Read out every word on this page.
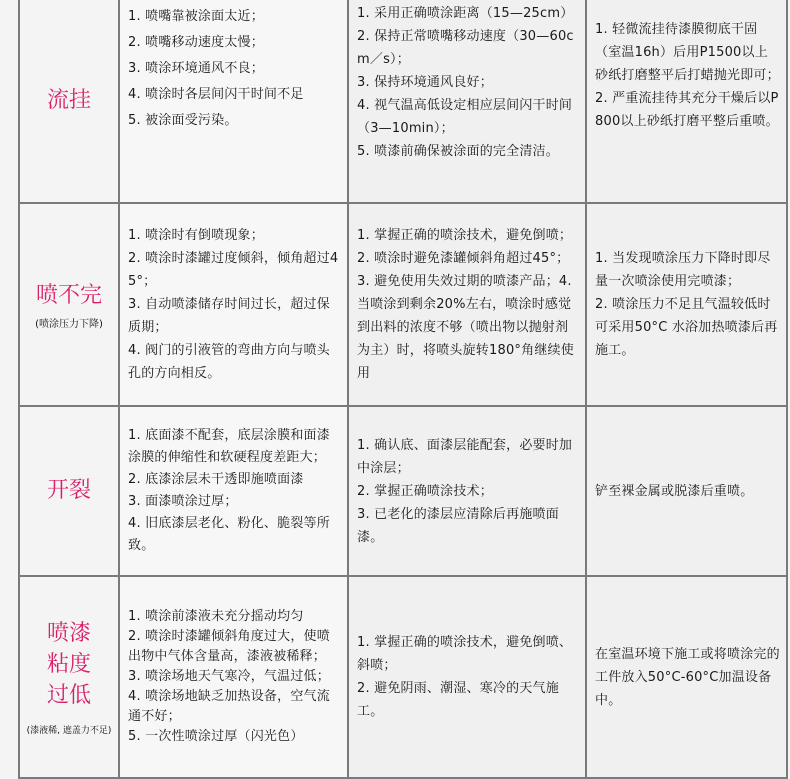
流挂
1. 喷嘴靠被涂面太近；
2. 喷嘴移动速度太慢；
3. 喷涂环境通风不良；
4. 喷涂时各层间闪干时间不足
5. 被涂面受污染。
1. 采用正确喷涂距离（15—25cm）2. 保持正常喷嘴移动速度（30—60cm／s）；
3. 保持环境通风良好；
4. 视气温高低设定相应层间闪干时间（3—10min）；
5. 喷漆前确保被涂面的完全清洁。
1. 轻微流挂待漆膜彻底干固（室温16h）后用P1500以上砂纸打磨整平后打蜡抛光即可；
2. 严重流挂待其充分干燥后以P800以上砂纸打磨平整后重喷。
喷不完
(喷涂压力下降)
1. 喷涂时有倒喷现象；
2. 喷涂时漆罐过度倾斜，倾角超过45°；
3. 自动喷漆储存时间过长，超过保质期；
4. 阀门的引液管的弯曲方向与喷头孔的方向相反。
1. 掌握正确的喷涂技术，避免倒喷；2. 喷涂时避免漆罐倾斜角超过45°；3. 避免使用失效过期的喷漆产品；4. 当喷涂到剩余20%左右，喷涂时感觉到出料的浓度不够（喷出物以抛射剂为主）时，将喷头旋转180°角继续使用
1. 当发现喷涂压力下降时即尽量一次喷涂使用完喷漆；
2. 喷涂压力不足且气温较低时可采用50°C 水浴加热喷漆后再施工。
开裂
1. 底面漆不配套，底层涂膜和面漆涂膜的伸缩性和软硬程度差距大；
2. 底漆涂层未干透即施喷面漆
3. 面漆喷涂过厚；
4. 旧底漆层老化、粉化、脆裂等所致。
1. 确认底、面漆层能配套，必要时加中涂层；
2. 掌握正确喷涂技术；
3. 已老化的漆层应清除后再施喷面漆。
铲至裸金属或脱漆后重喷。
喷漆粘度过低
(漆液稀, 遮盖力不足)
1. 喷涂前漆液未充分摇动均匀
2. 喷涂时漆罐倾斜角度过大，使喷出物中气体含量高，漆液被稀释；
3. 喷涂场地天气寒冷，气温过低；
4. 喷涂场地缺乏加热设备，空气流通不好；
5. 一次性喷涂过厚（闪光色）
1. 掌握正确的喷涂技术，避免倒喷、斜喷；
2. 避免阴雨、潮湿、寒冷的天气施工。
在室温环境下施工或将喷涂完的工件放入50°C-60°C加温设备中。
